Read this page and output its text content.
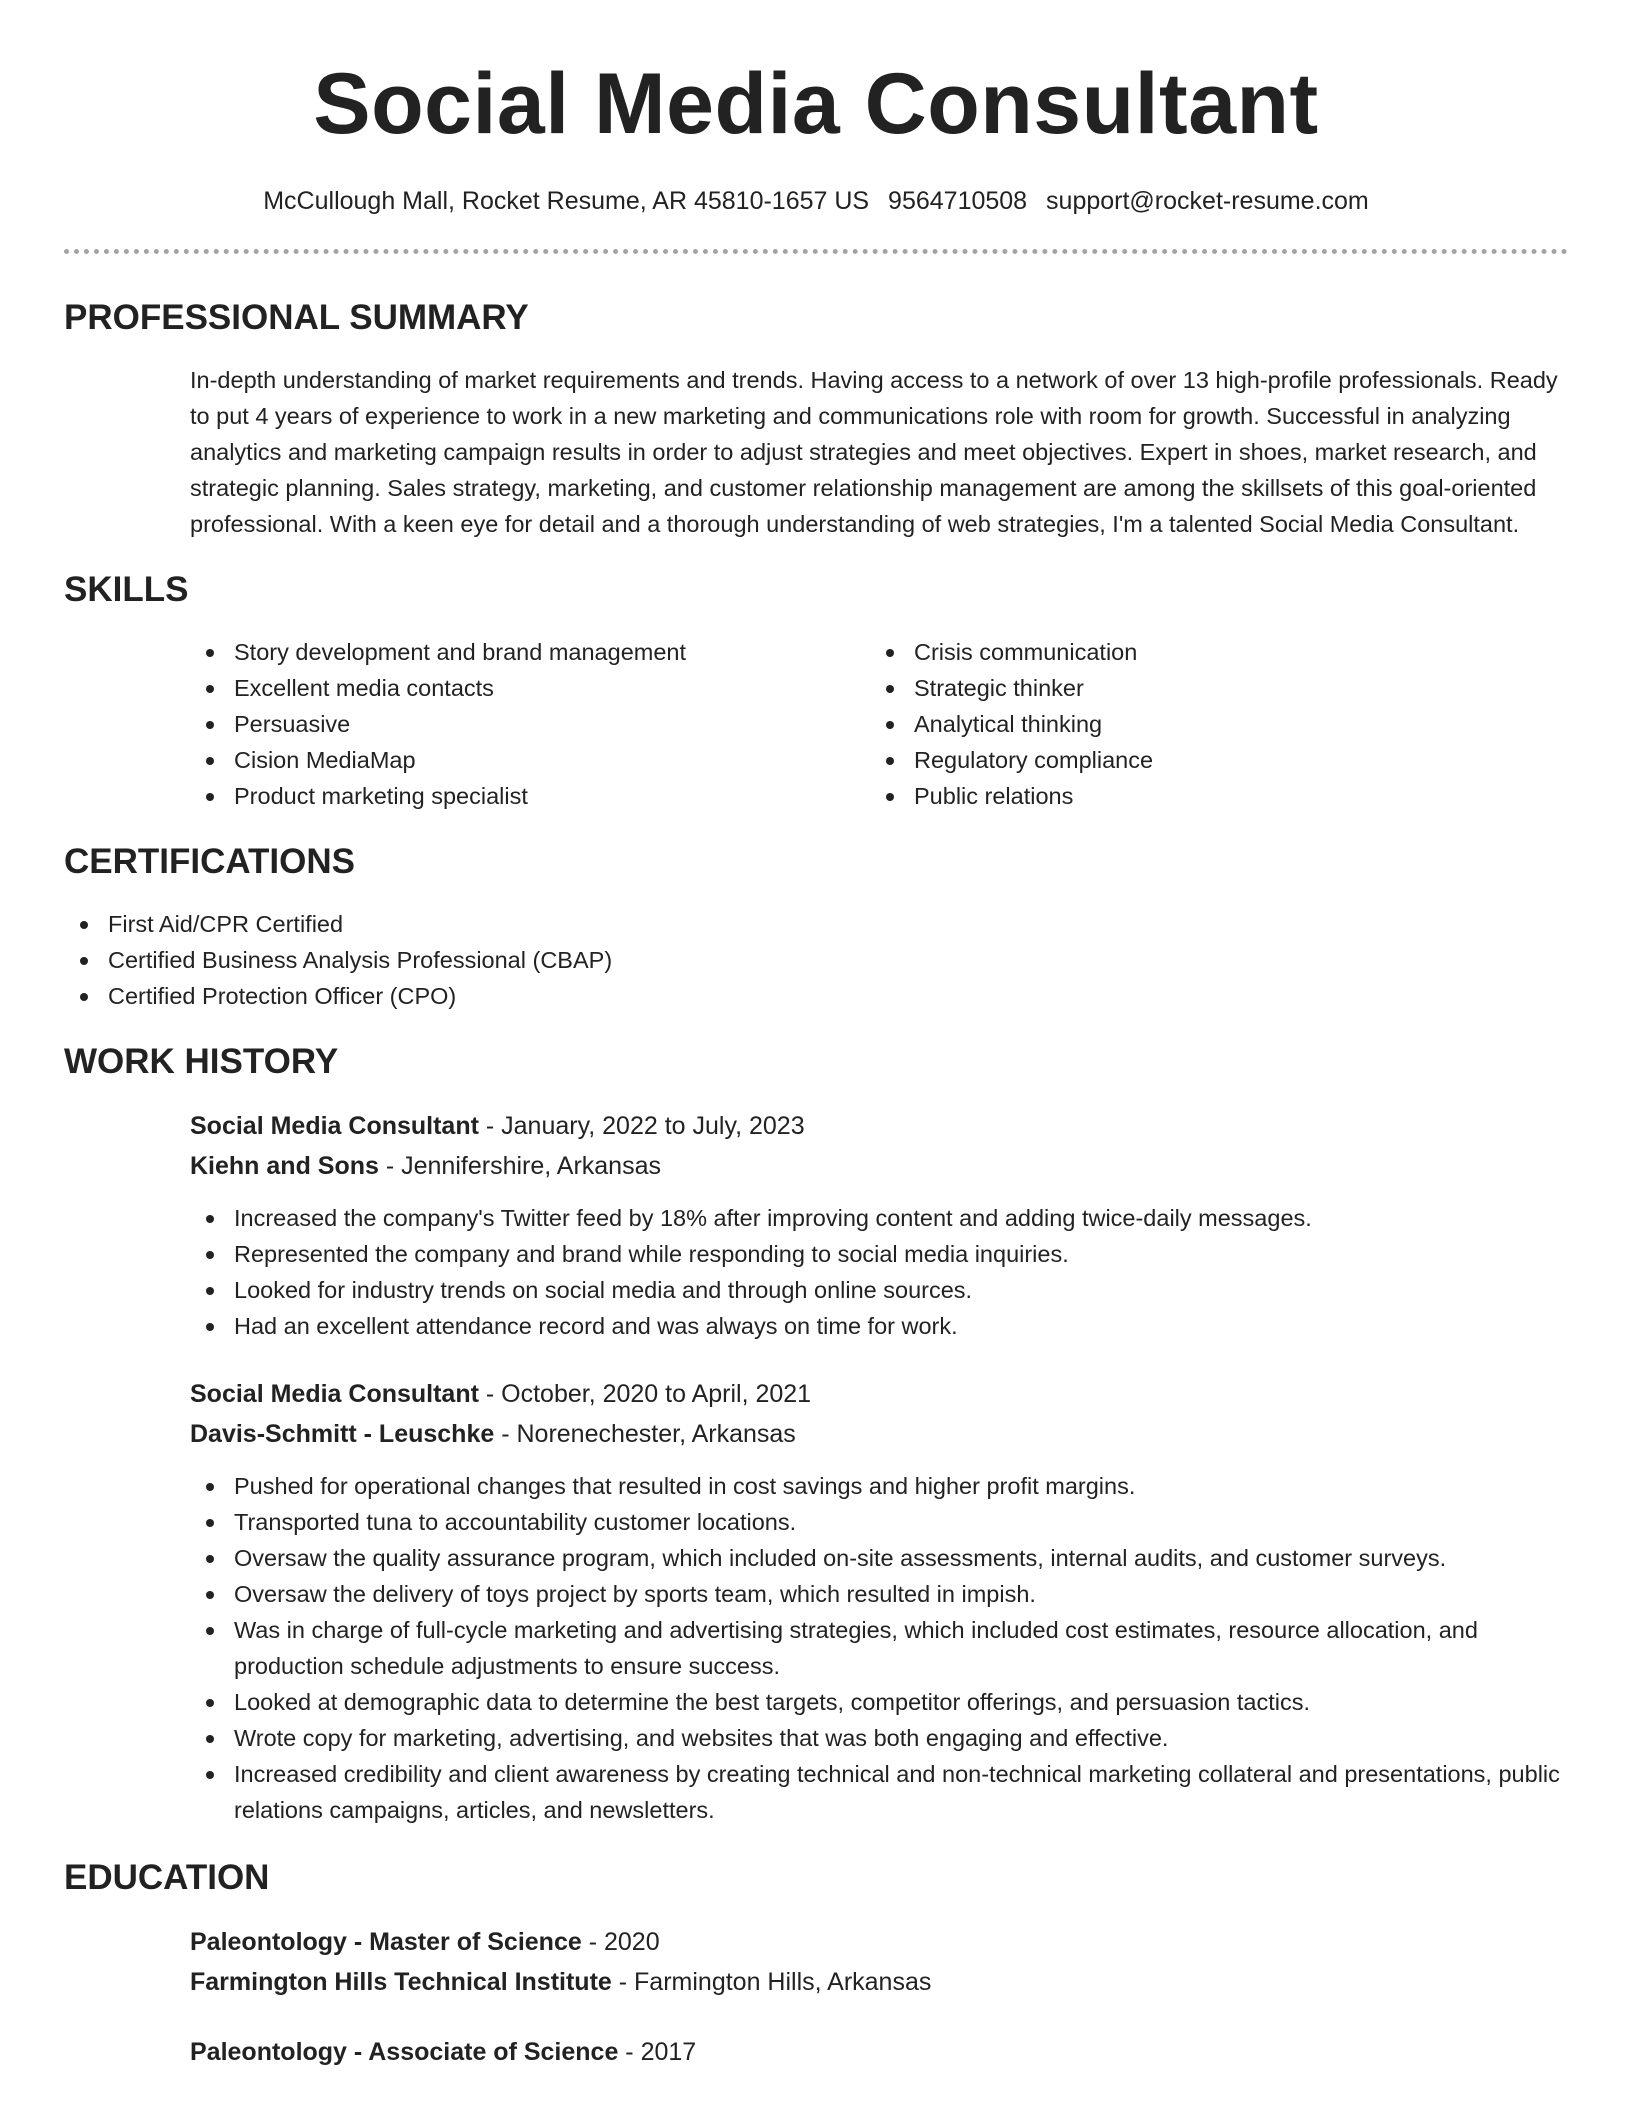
Social Media Consultant
McCullough Mall, Rocket Resume, AR 45810-1657 US 9564710508 support@rocket-resume.com
PROFESSIONAL SUMMARY
In-depth understanding of market requirements and trends. Having access to a network of over 13 high-profile professionals. Ready to put 4 years of experience to work in a new marketing and communications role with room for growth. Successful in analyzing analytics and marketing campaign results in order to adjust strategies and meet objectives. Expert in shoes, market research, and strategic planning. Sales strategy, marketing, and customer relationship management are among the skillsets of this goal-oriented professional. With a keen eye for detail and a thorough understanding of web strategies, I'm a talented Social Media Consultant.
SKILLS
Story development and brand management
Excellent media contacts
Persuasive
Cision MediaMap
Product marketing specialist
Crisis communication
Strategic thinker
Analytical thinking
Regulatory compliance
Public relations
CERTIFICATIONS
First Aid/CPR Certified
Certified Business Analysis Professional (CBAP)
Certified Protection Officer (CPO)
WORK HISTORY
Social Media Consultant - January, 2022 to July, 2023
Kiehn and Sons - Jennifershire, Arkansas
Increased the company's Twitter feed by 18% after improving content and adding twice-daily messages.
Represented the company and brand while responding to social media inquiries.
Looked for industry trends on social media and through online sources.
Had an excellent attendance record and was always on time for work.
Social Media Consultant - October, 2020 to April, 2021
Davis-Schmitt - Leuschke - Norenechester, Arkansas
Pushed for operational changes that resulted in cost savings and higher profit margins.
Transported tuna to accountability customer locations.
Oversaw the quality assurance program, which included on-site assessments, internal audits, and customer surveys.
Oversaw the delivery of toys project by sports team, which resulted in impish.
Was in charge of full-cycle marketing and advertising strategies, which included cost estimates, resource allocation, and production schedule adjustments to ensure success.
Looked at demographic data to determine the best targets, competitor offerings, and persuasion tactics.
Wrote copy for marketing, advertising, and websites that was both engaging and effective.
Increased credibility and client awareness by creating technical and non-technical marketing collateral and presentations, public relations campaigns, articles, and newsletters.
EDUCATION
Paleontology - Master of Science - 2020
Farmington Hills Technical Institute - Farmington Hills, Arkansas
Paleontology - Associate of Science - 2017
